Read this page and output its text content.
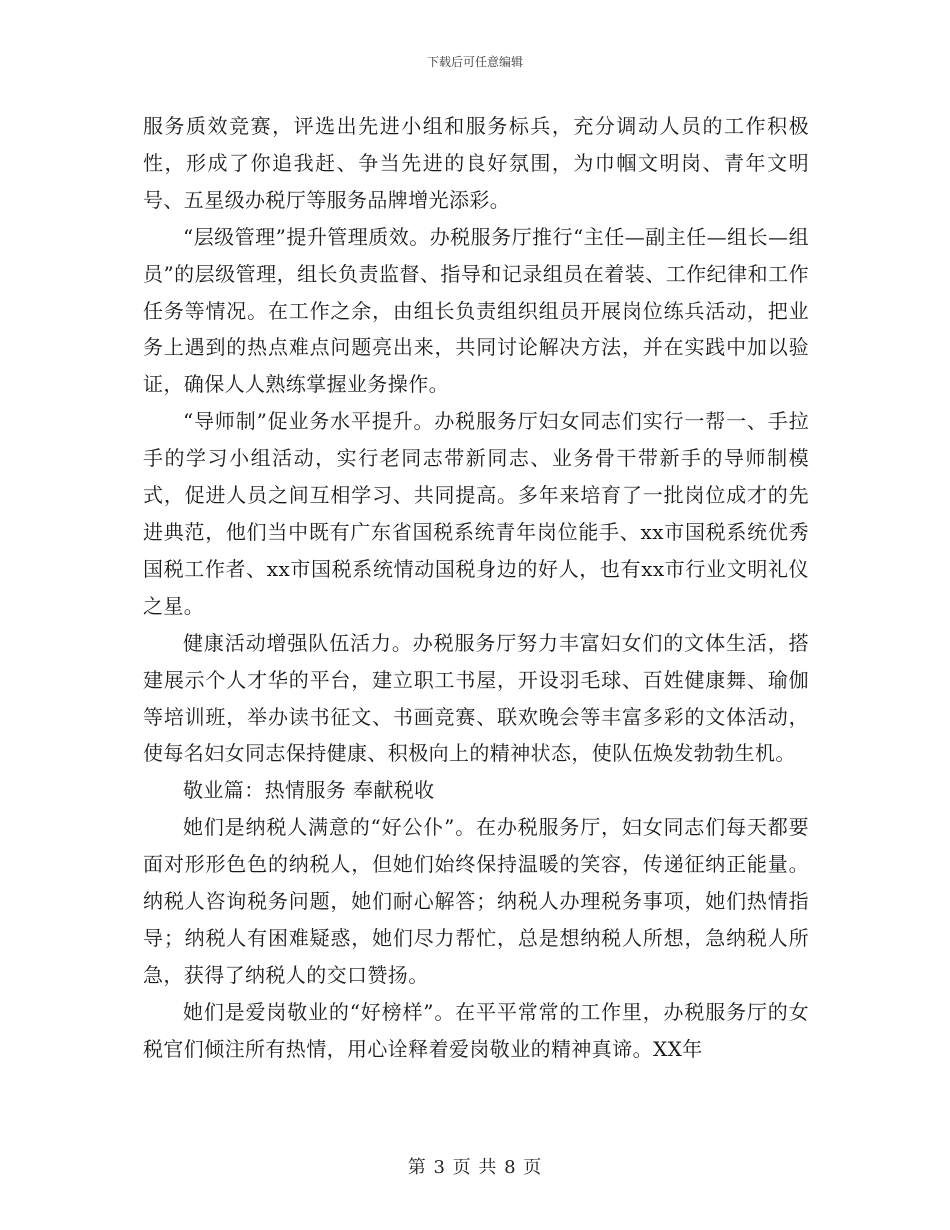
下载后可任意编辑

服务质效竞赛，评选出先进小组和服务标兵，充分调动人员的工作积极性，形成了你追我赶、争当先进的良好氛围，为巾帼文明岗、青年文明号、五星级办税厅等服务品牌增光添彩。

“层级管理”提升管理质效。办税服务厅推行“主任—副主任—组长—组员”的层级管理，组长负责监督、指导和记录组员在着装、工作纪律和工作任务等情况。在工作之余，由组长负责组织组员开展岗位练兵活动，把业务上遇到的热点难点问题亮出来，共同讨论解决方法，并在实践中加以验证，确保人人熟练掌握业务操作。

“导师制”促业务水平提升。办税服务厅妇女同志们实行一帮一、手拉手的学习小组活动，实行老同志带新同志、业务骨干带新手的导师制模式，促进人员之间互相学习、共同提高。多年来培育了一批岗位成才的先进典范，他们当中既有广东省国税系统青年岗位能手、xx市国税系统优秀国税工作者、xx市国税系统情动国税身边的好人，也有xx市行业文明礼仪之星。

健康活动增强队伍活力。办税服务厅努力丰富妇女们的文体生活，搭建展示个人才华的平台，建立职工书屋，开设羽毛球、百姓健康舞、瑜伽等培训班，举办读书征文、书画竞赛、联欢晚会等丰富多彩的文体活动，使每名妇女同志保持健康、积极向上的精神状态，使队伍焕发勃勃生机。

敬业篇：热情服务 奉献税收

她们是纳税人满意的“好公仆”。在办税服务厅，妇女同志们每天都要面对形形色色的纳税人，但她们始终保持温暖的笑容，传递征纳正能量。纳税人咨询税务问题，她们耐心解答；纳税人办理税务事项，她们热情指导；纳税人有困难疑惑，她们尽力帮忙，总是想纳税人所想，急纳税人所急，获得了纳税人的交口赞扬。

她们是爱岗敬业的“好榜样”。在平平常常的工作里，办税服务厅的女税官们倾注所有热情，用心诠释着爱岗敬业的精神真谛。XX年

第 3 页 共 8 页
